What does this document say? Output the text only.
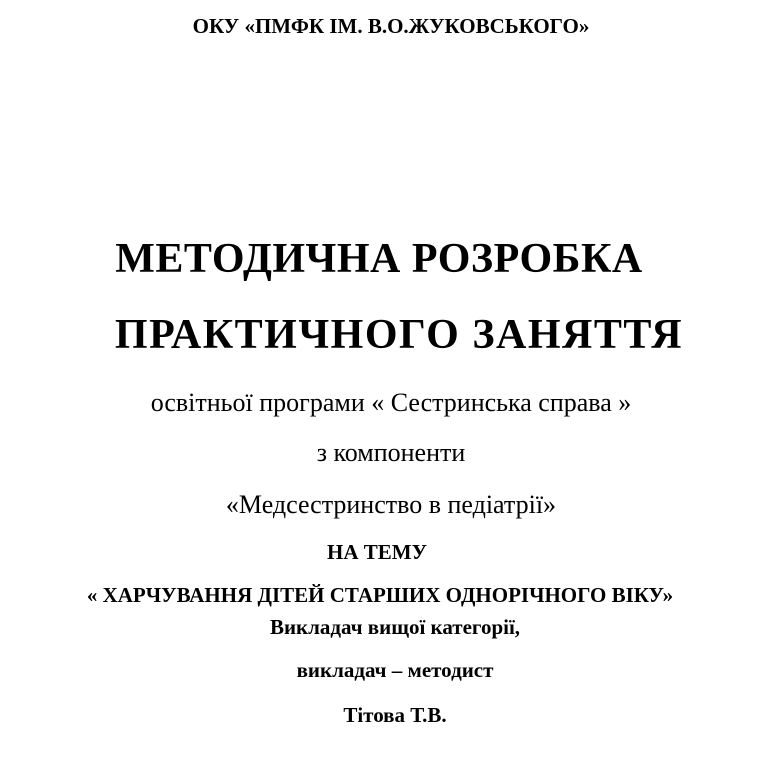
ОКУ «ПМФК ІМ. В.О.ЖУКОВСЬКОГО»
МЕТОДИЧНА РОЗРОБКА
ПРАКТИЧНОГО ЗАНЯТТЯ
освітньої програми « Сестринська справа »
з компоненти
«Медсестринство в педіатрії»
НА ТЕМУ
« ХАРЧУВАННЯ ДІТЕЙ СТАРШИХ ОДНОРІЧНОГО ВІКУ»
Викладач вищої категорії,
викладач – методист
Тітова Т.В.
